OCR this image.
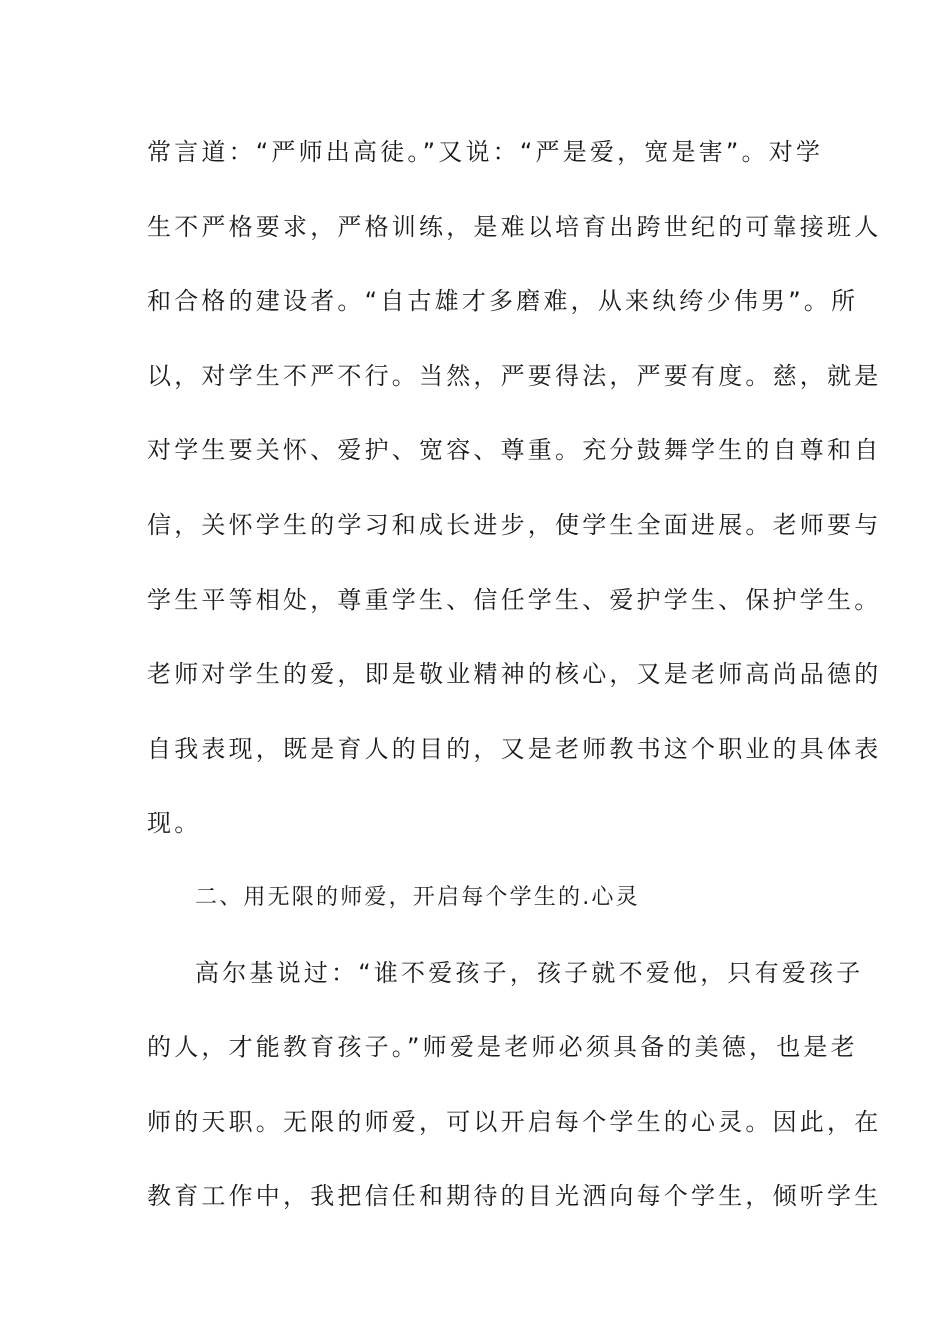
常言道：“严师出高徒。”又说：“严是爱，宽是害”。对学
生不严格要求，严格训练，是难以培育出跨世纪的可靠接班人
和合格的建设者。“自古雄才多磨难，从来纨绔少伟男”。所
以，对学生不严不行。当然，严要得法，严要有度。慈，就是
对学生要关怀、爱护、宽容、尊重。充分鼓舞学生的自尊和自
信，关怀学生的学习和成长进步，使学生全面进展。老师要与
学生平等相处，尊重学生、信任学生、爱护学生、保护学生。
老师对学生的爱，即是敬业精神的核心，又是老师高尚品德的
自我表现，既是育人的目的，又是老师教书这个职业的具体表
现。
二、用无限的师爱，开启每个学生的.心灵
高尔基说过：“谁不爱孩子，孩子就不爱他，只有爱孩子
的人，才能教育孩子。”师爱是老师必须具备的美德，也是老
师的天职。无限的师爱，可以开启每个学生的心灵。因此，在
教育工作中，我把信任和期待的目光洒向每个学生，倾听学生
